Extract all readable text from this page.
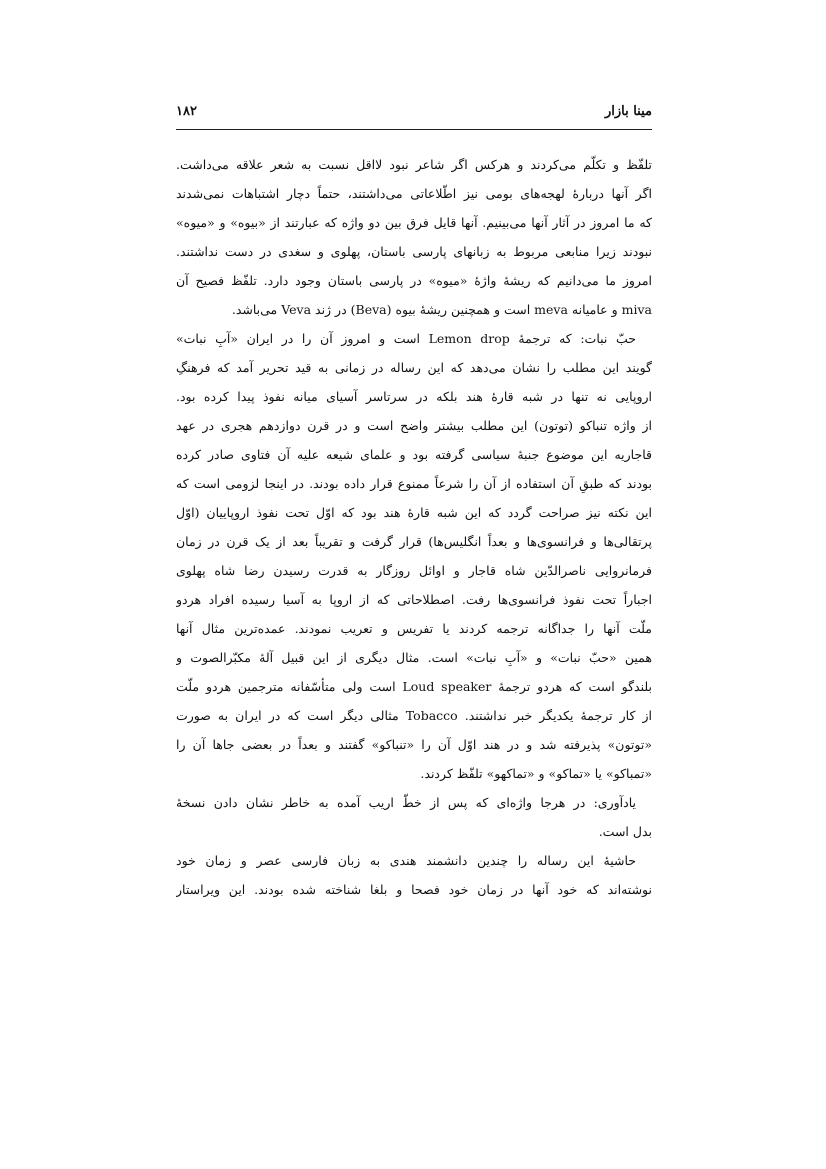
مینا بازار
۱۸۲
تلفّظ و تکلّم می‌کردند و هرکس اگر شاعر نبود لااقل نسبت به شعر علاقه می‌داشت.
اگر آنها دربارهٔ لهجه‌های بومی نیز اطّلاعاتی می‌داشتند، حتماً دچار اشتباهات نمی‌شدند
که ما امروز در آثار آنها می‌بینیم. آنها قایل فرق بین دو واژه که عبارتند از «بیوه» و «میوه»
نبودند زیرا منابعی مربوط به زبانهای پارسی باستان، پهلوی و سغدی در دست نداشتند.
امروز ما می‌دانیم که ریشهٔ واژهٔ «میوه» در پارسی باستان وجود دارد. تلفّظ فصیح آن
miva و عامیانه meva است و همچنین ریشهٔ بیوه (Beva) در ژند Veva می‌باشد.
حبّ نبات: که ترجمهٔ Lemon drop است و امروز آن را در ایران «آبِ نبات»
گویند این مطلب را نشان می‌دهد که این رساله در زمانی به قید تحریر آمد که فرهنگِ
اروپایی نه تنها در شبه قارهٔ هند بلکه در سرتاسر آسیای میانه نفوذ پیدا کرده بود.
از واژه تنباکو (توتون) این مطلب بیشتر واضح است و در قرن دوازدهم هجری در عهد
قاجاریه این موضوع جنبهٔ سیاسی گرفته بود و علمای شیعه علیه آن فتاوی صادر کرده
بودند که طبقِ آن استفاده از آن را شرعاً ممنوع قرار داده بودند. در اینجا لزومی است که
این نکته نیز صراحت گردد که این شبه قارهٔ هند بود که اوّل تحت نفوذ اروپاییان (اوّل
پرتقالی‌ها و فرانسوی‌ها و بعداً انگلیس‌ها) قرار گرفت و تقریباً بعد از یک قرن در زمان
فرمانروایی ناصرالدّین شاه قاجار و اوائل روزگار به قدرت رسیدن رضا شاه پهلوی
اجباراً تحت نفوذ فرانسوی‌ها رفت. اصطلاحاتی که از اروپا به آسیا رسیده افراد هردو
ملّت آنها را جداگانه ترجمه کردند یا تفریس و تعریب نمودند. عمده‌ترین مثال آنها
همین «حبّ نبات» و «آبِ نبات» است. مثال دیگری از این قبیل آلهٔ مکبّرالصوت و
بلندگو است که هردو ترجمهٔ Loud speaker است ولی متأسّفانه مترجمین هردو ملّت
از کار ترجمهٔ یکدیگر خبر نداشتند. Tobacco مثالی دیگر است که در ایران به صورت
«توتون» پذیرفته شد و در هند اوّل آن را «تنباکو» گفتند و بعداً در بعضی جاها آن را
«تمباکو» یا «تماکو» و «تماکهو» تلفّظ کردند.
یادآوری: در هرجا واژه‌ای که پس از خطّ اریب آمده به خاطر نشان دادن نسخهٔ
بدل است.
حاشیهٔ این رساله را چندین دانشمند هندی به زبان فارسی عصر و زمان خود
نوشته‌اند که خود آنها در زمان خود فصحا و بلغا شناخته شده بودند. این ویراستار
